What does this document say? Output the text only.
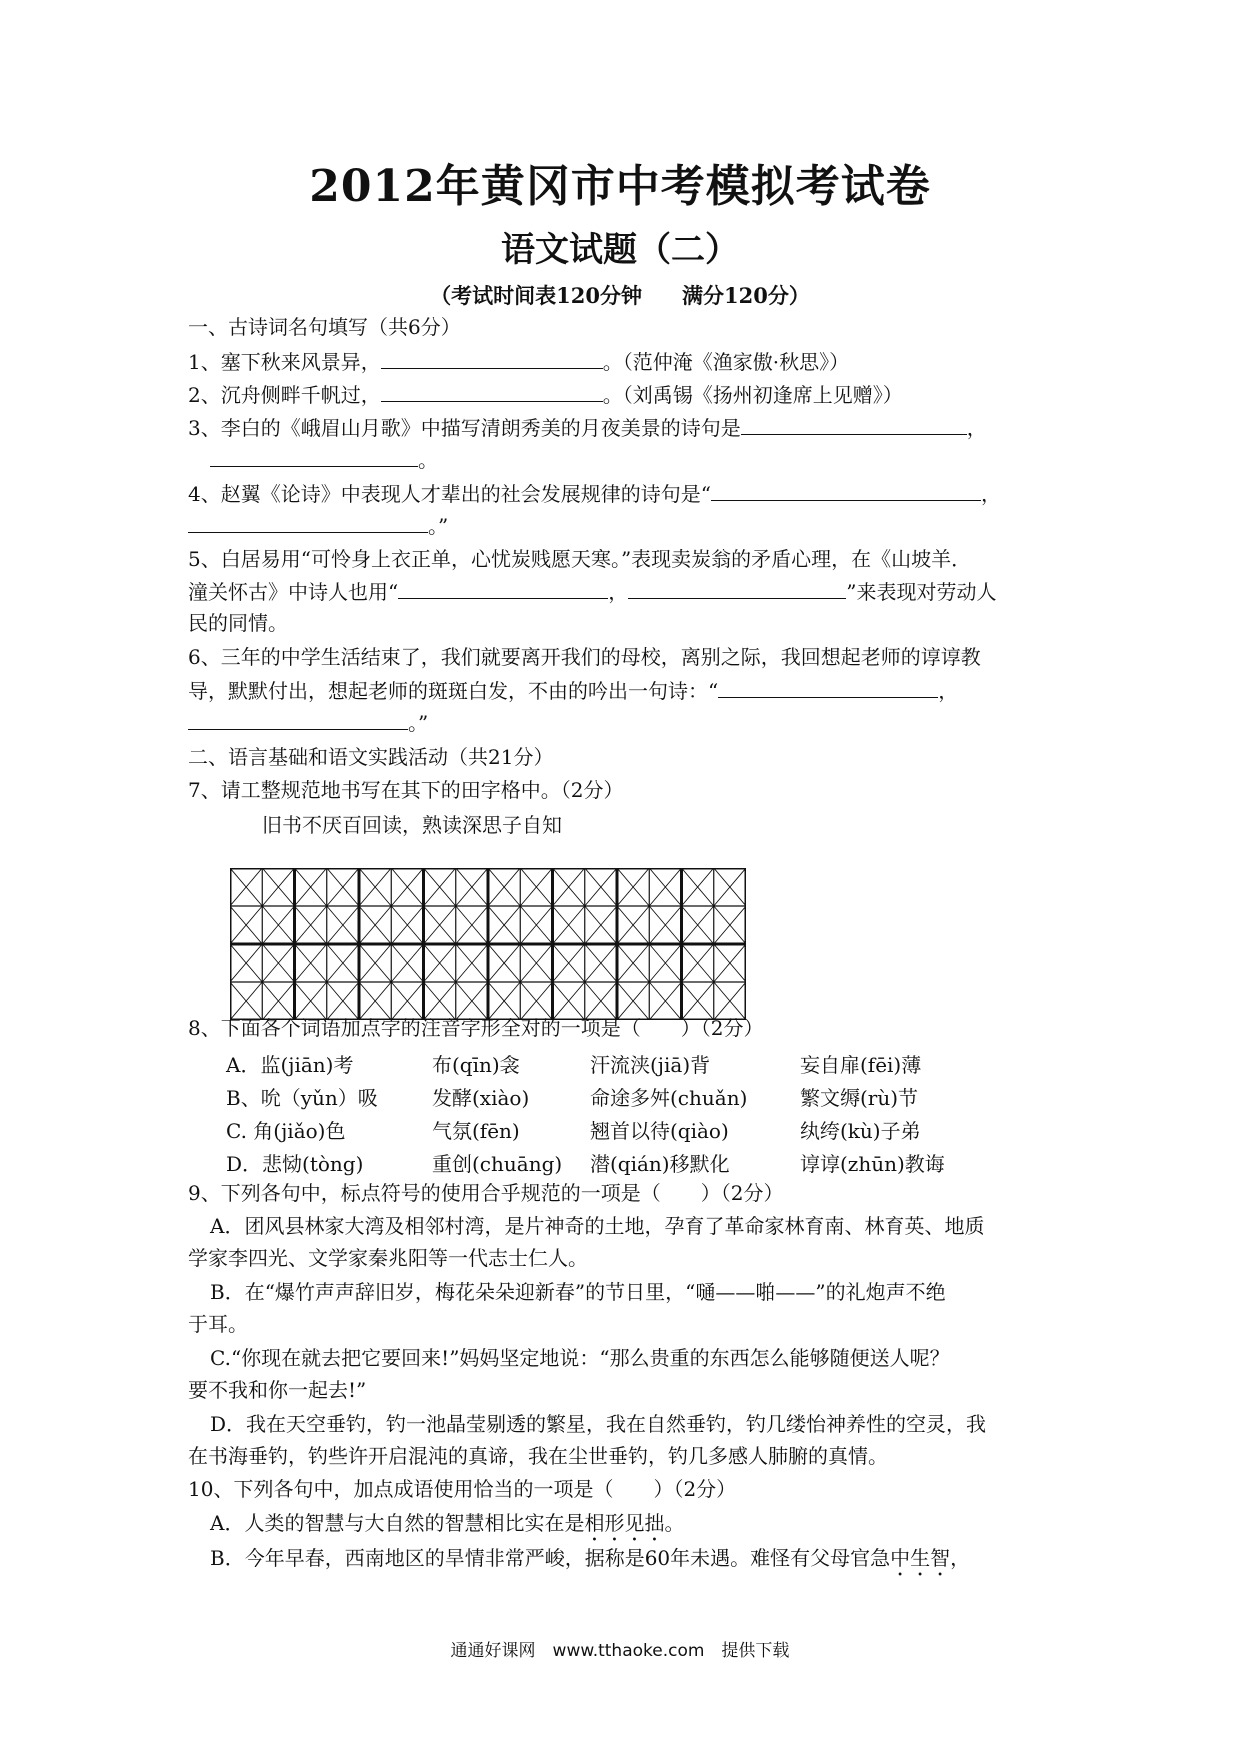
2012年黄冈市中考模拟考试卷
语文试题（二）
（考试时间表120分钟 满分120分）
一、古诗词名句填写（共6分）
1、塞下秋来风景异，	。（范仲淹《渔家傲·秋思》）
2、沉舟侧畔千帆过，	。（刘禹锡《扬州初逢席上见赠》）
3、李白的《峨眉山月歌》中描写清朗秀美的月夜美景的诗句是	，
。
4、赵翼《论诗》中表现人才辈出的社会发展规律的诗句是“	，
。”
5、白居易用“可怜身上衣正单，心忧炭贱愿天寒。”表现卖炭翁的矛盾心理，在《山坡羊．
潼关怀古》中诗人也用“	，	”来表现对劳动人
民的同情。
6、三年的中学生活结束了，我们就要离开我们的母校，离别之际，我回想起老师的谆谆教
导，默默付出，想起老师的斑斑白发，不由的吟出一句诗：“	，
。”
二、语言基础和语文实践活动（共21分）
7、请工整规范地书写在其下的田字格中。（2分）
旧书不厌百回读，熟读深思子自知
8、下面各个词语加点字的注音字形全对的一项是（　　）（2分）
A．监(jiān)考	布(qīn)衾	汗流浃(jiā)背	妄自扉(fēi)薄
B、吮（yǔn）吸	发酵(xiào)	命途多舛(chuǎn)	繁文缛(rù)节
C. 角(jiǎo)色	气氛(fēn)	翘首以待(qiào)	纨绔(kù)子弟
D．悲恸(tòng)	重创(chuāng) 潜(qián)移默化	谆谆(zhūn)教诲
9、下列各句中，标点符号的使用合乎规范的一项是（　　）（2分）
A．团风县林家大湾及相邻村湾，是片神奇的土地，孕育了革命家林育南、林育英、地质
学家李四光、文学家秦兆阳等一代志士仁人。
B．在“爆竹声声辞旧岁，梅花朵朵迎新春”的节日里，“嗵——啪——”的礼炮声不绝
于耳。
C.“你现在就去把它要回来!”妈妈坚定地说：“那么贵重的东西怎么能够随便送人呢？
要不我和你一起去!”
D．我在天空垂钓，钓一池晶莹剔透的繁星，我在自然垂钓，钓几缕怡神养性的空灵，我
在书海垂钓，钓些许开启混沌的真谛，我在尘世垂钓，钓几多感人肺腑的真情。
10、下列各句中，加点成语使用恰当的一项是（　　）（2分）
A．人类的智慧与大自然的智慧相比实在是相形见拙。
B．今年早春，西南地区的旱情非常严峻，据称是60年未遇。难怪有父母官急中生智，
通通好课网　www.tthaoke.com　提供下载
